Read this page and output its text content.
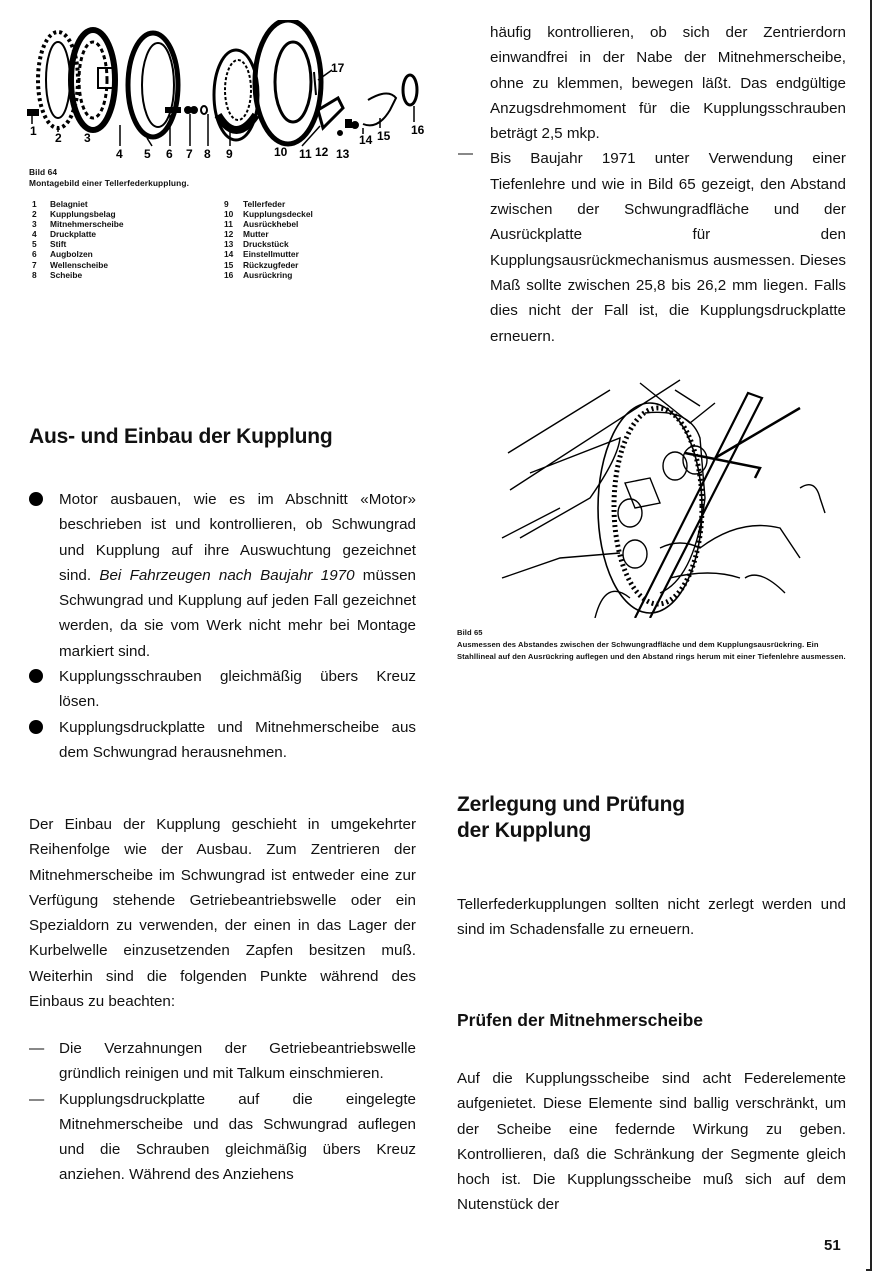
1 2 3
4 5 6 7 8 9	10 11 12 13
14 15 16
17
Bild 64
Montagebild einer Tellerfederkupplung.
1	Belagniet
2	Kupplungsbelag
3	Mitnehmerscheibe
4	Druckplatte
5	Stift
6	Augbolzen
7	Wellenscheibe
8	Scheibe
9	Tellerfeder
10	Kupplungsdeckel
11	Ausrückhebel
12	Mutter
13	Druckstück
14	Einstellmutter
15	Rückzugfeder
16	Ausrückring

häufig kontrollieren, ob sich der Zentrierdorn einwandfrei in der Nabe der Mitnehmerscheibe, ohne zu klemmen, bewegen läßt. Das endgültige Anzugsdrehmoment für die Kupplungsschrauben beträgt 2,5 mkp.

Bis Baujahr 1971 unter Verwendung einer Tiefenlehre und wie in Bild 65 gezeigt, den Abstand zwischen der Schwungradfläche und der Ausrückplatte für den Kupplungsausrückmechanismus ausmessen. Dieses Maß sollte zwischen 25,8 bis 26,2 mm liegen. Falls dies nicht der Fall ist, die Kupplungsdruckplatte erneuern.

—
Aus- und Einbau der Kupplung
Motor ausbauen, wie es im Abschnitt «Motor» beschrieben ist und kontrollieren, ob Schwungrad und Kupplung auf ihre Auswuchtung gezeichnet sind. Bei Fahrzeugen nach Baujahr 1970 müssen Schwungrad und Kupplung auf jeden Fall gezeichnet werden, da sie vom Werk nicht mehr bei Montage markiert sind.
Kupplungsschrauben gleichmäßig übers Kreuz lösen.
Kupplungsdruckplatte und Mitnehmerscheibe aus dem Schwungrad herausnehmen.

Der Einbau der Kupplung geschieht in umgekehrter Reihenfolge wie der Ausbau. Zum Zentrieren der Mitnehmerscheibe im Schwungrad ist entweder eine zur Verfügung stehende Getriebeantriebswelle oder ein Spezialdorn zu verwenden, der einen in das Lager der Kurbelwelle einzusetzenden Zapfen besitzen muß. Weiterhin sind die folgenden Punkte während des Einbaus zu beachten:

— Die Verzahnungen der Getriebeantriebswelle gründlich reinigen und mit Talkum einschmieren.
— Kupplungsdruckplatte auf die eingelegte Mitnehmerscheibe und das Schwungrad auflegen und die Schrauben gleichmäßig übers Kreuz anziehen. Während des Anziehens
Bild 65
Ausmessen des Abstandes zwischen der Schwungradfläche und dem Kupplungsausrückring. Ein Stahllineal auf den Ausrückring auflegen und den Abstand rings herum mit einer Tiefenlehre ausmessen.
Zerlegung und Prüfung
der Kupplung

Tellerfederkupplungen sollten nicht zerlegt werden und sind im Schadensfalle zu erneuern.

Prüfen der Mitnehmerscheibe

Auf die Kupplungsscheibe sind acht Federelemente aufgenietet. Diese Elemente sind ballig verschränkt, um der Scheibe eine federnde Wirkung zu geben. Kontrollieren, daß die Schränkung der Segmente gleich hoch ist. Die Kupplungsscheibe muß sich auf dem Nutenstück der

51
